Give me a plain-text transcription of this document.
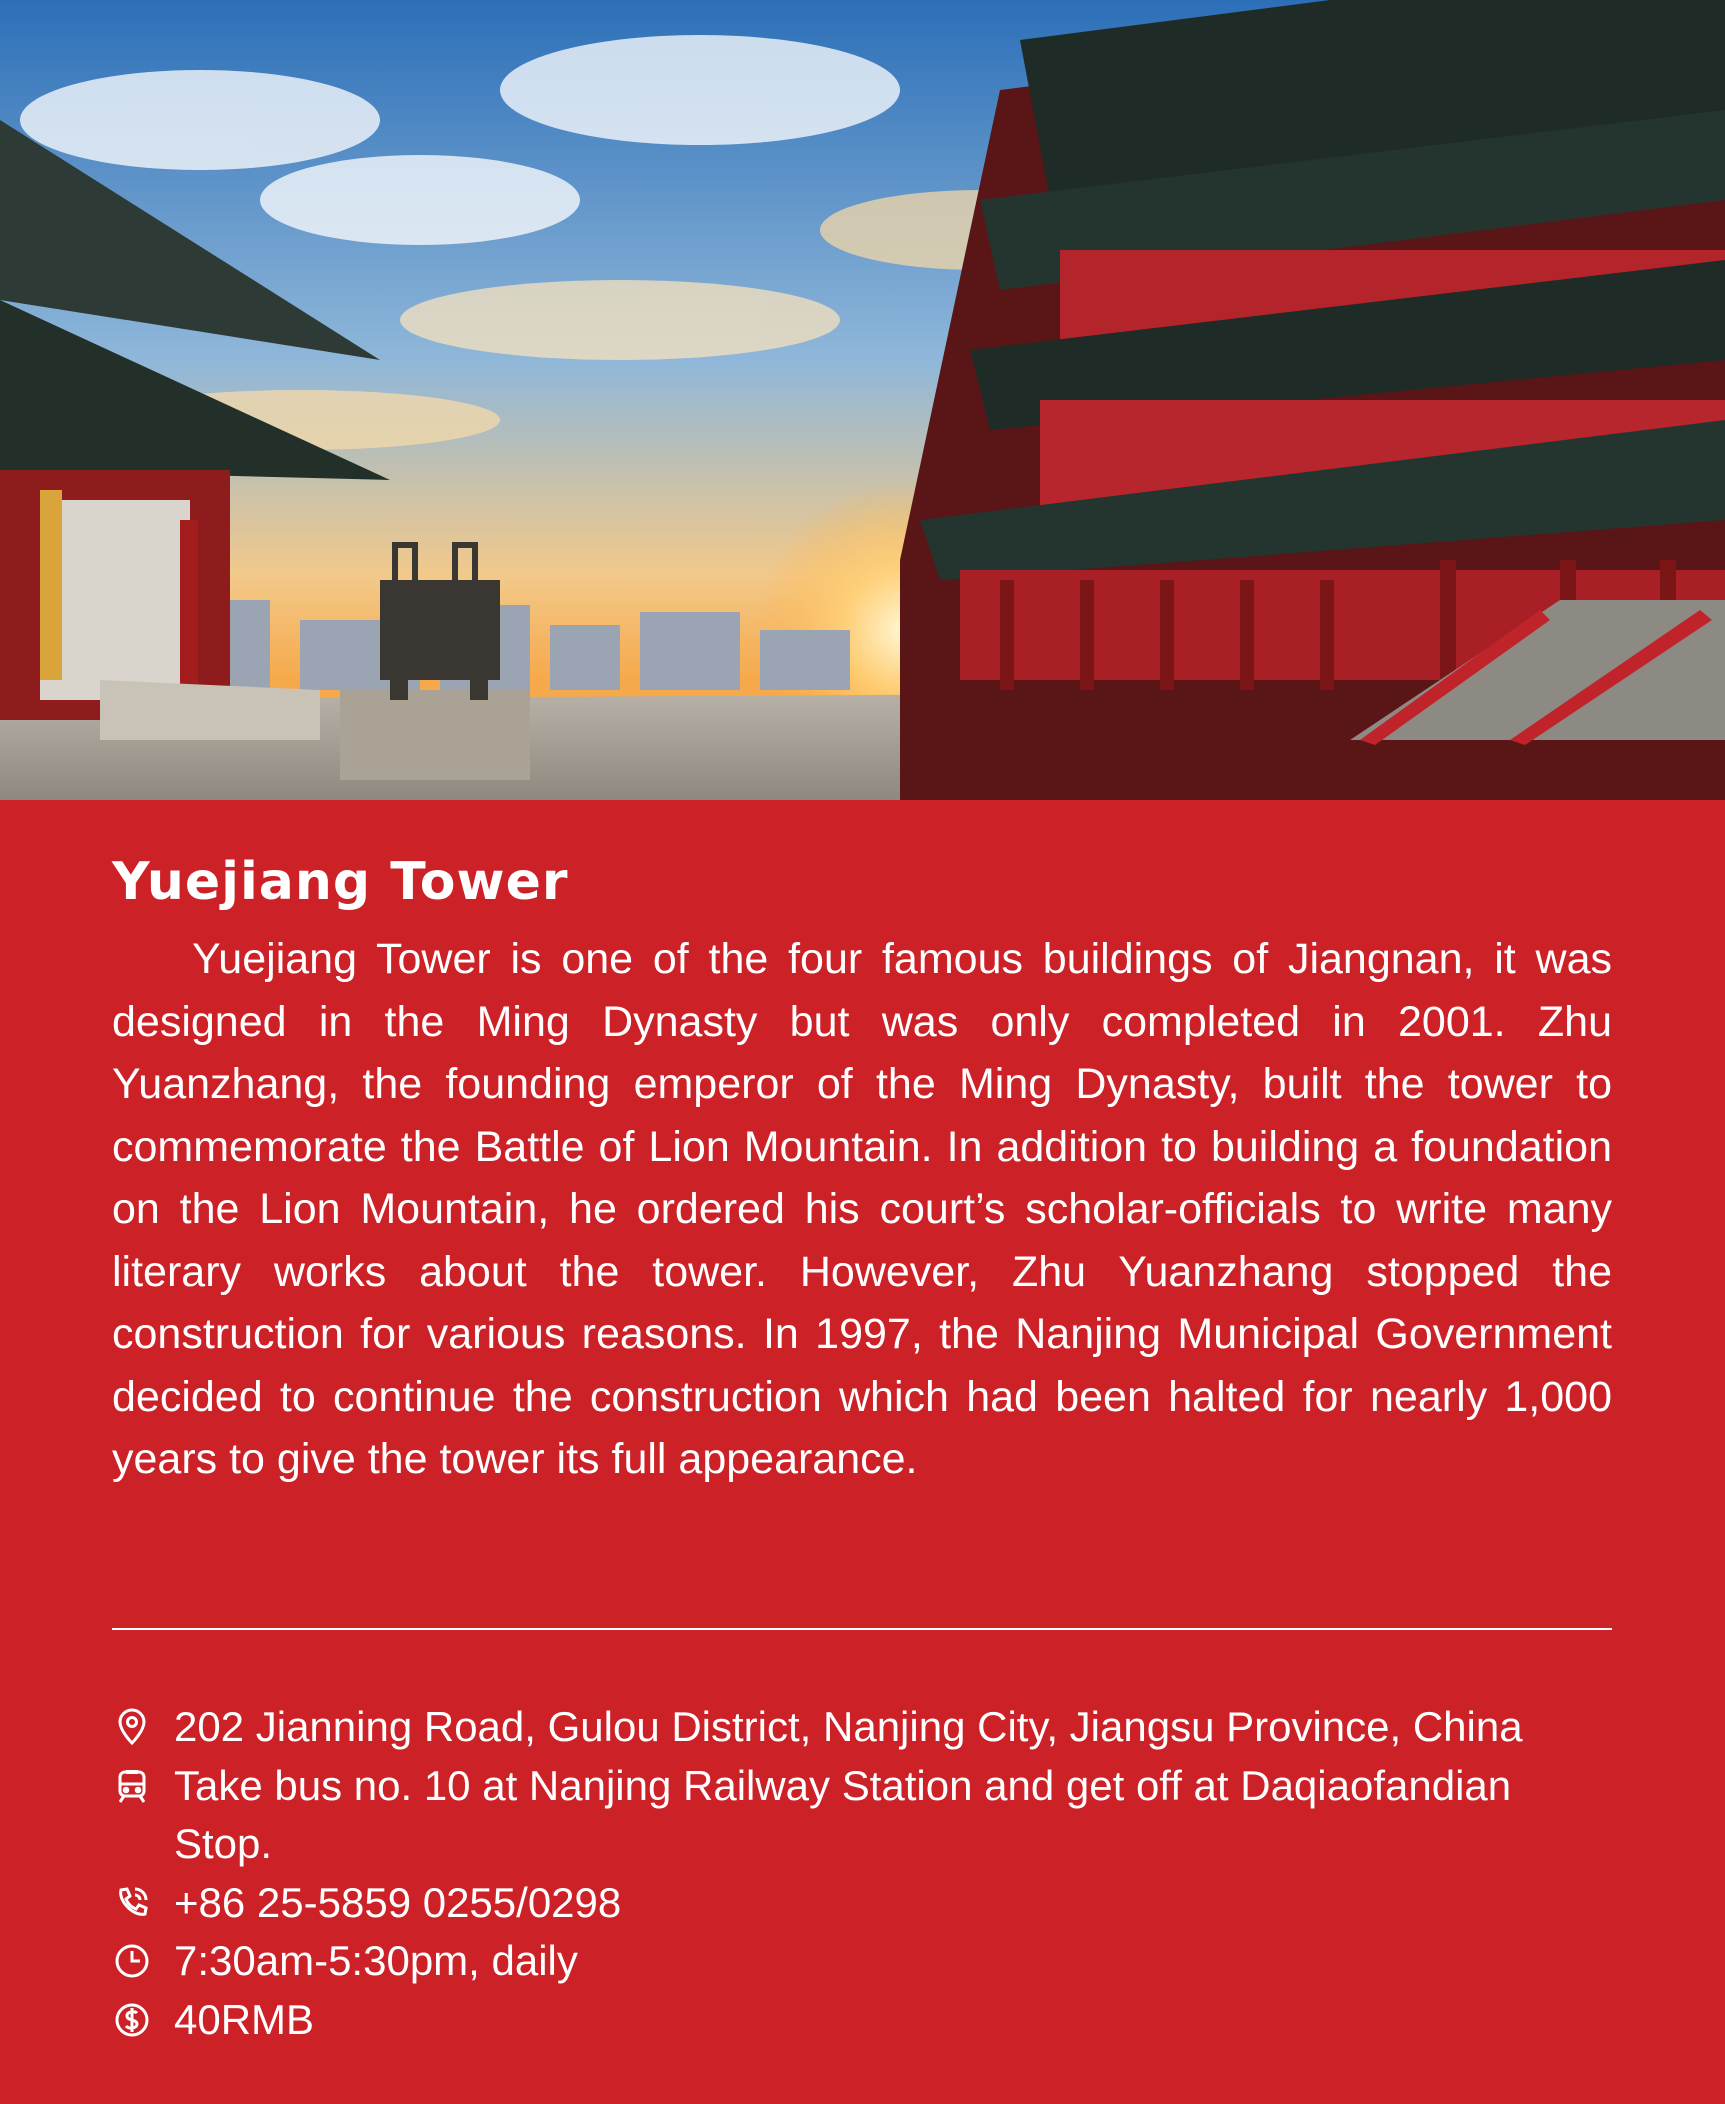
Yuejiang Tower

Yuejiang Tower is one of the four famous buildings of Jiangnan, it was designed in the Ming Dynasty but was only completed in 2001. Zhu Yuanzhang, the founding emperor of the Ming Dynasty, built the tower to commemorate the Battle of Lion Mountain. In addition to building a foundation on the Lion Mountain, he ordered his court’s scholar-officials to write many literary works about the tower. However, Zhu Yuanzhang stopped the construction for various reasons. In 1997, the Nanjing Municipal Government decided to continue the construction which had been halted for nearly 1,000 years to give the tower its full appearance.

202 Jianning Road, Gulou District, Nanjing City, Jiangsu Province, China
Take bus no. 10 at Nanjing Railway Station and get off at Daqiaofandian Stop.
+86 25-5859 0255/0298
7:30am-5:30pm, daily
40RMB
